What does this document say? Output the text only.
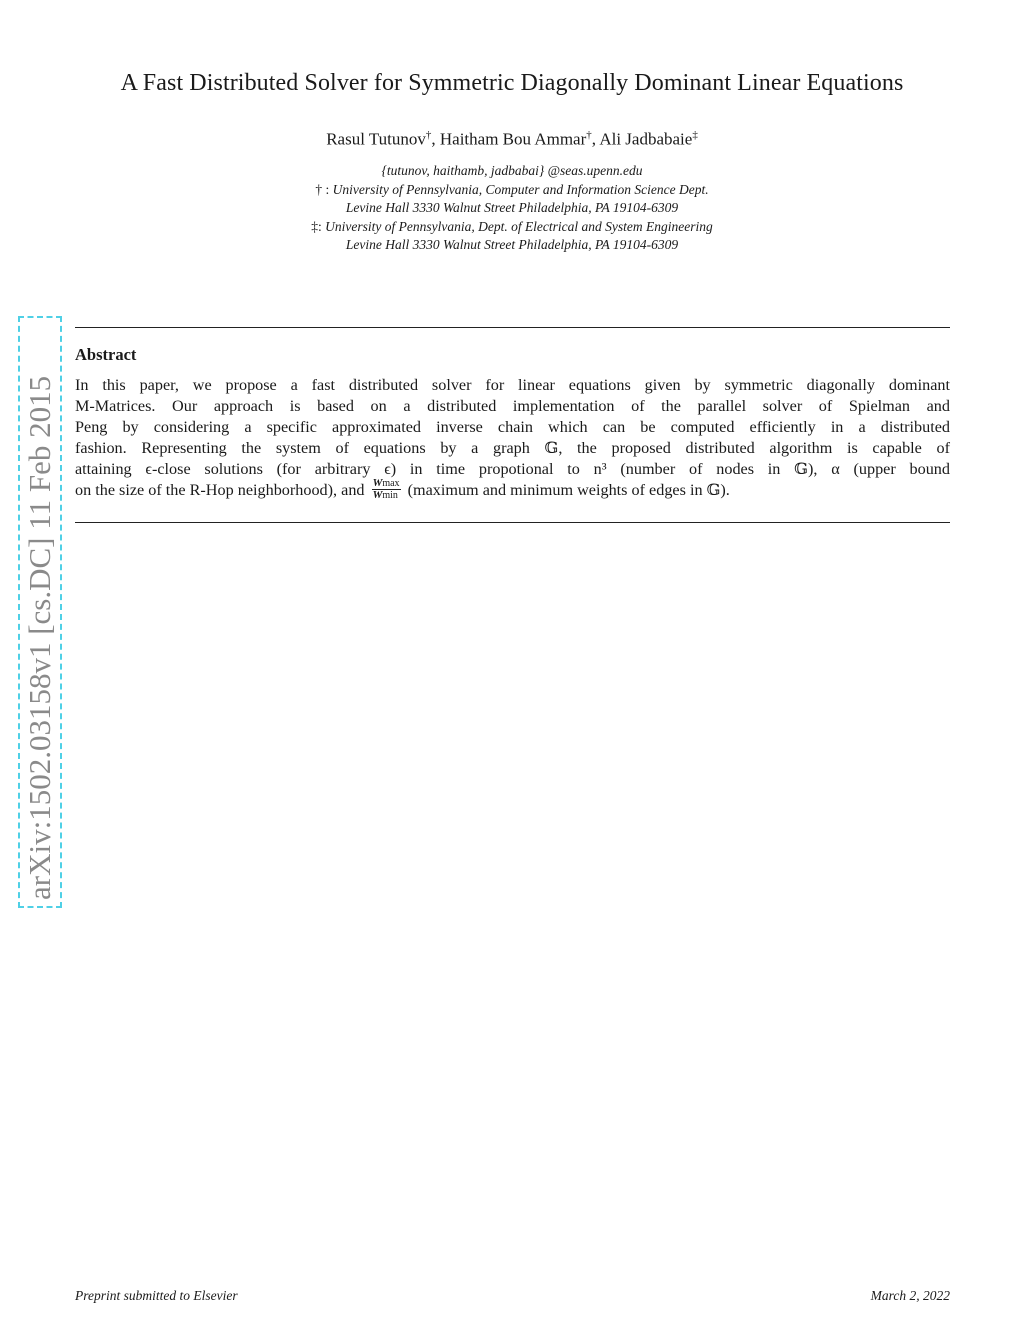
A Fast Distributed Solver for Symmetric Diagonally Dominant Linear Equations
Rasul Tutunov†, Haitham Bou Ammar†, Ali Jadbabaie‡
{tutunov, haithamb, jadbabai} @seas.upenn.edu
† : University of Pennsylvania, Computer and Information Science Dept.
Levine Hall 3330 Walnut Street Philadelphia, PA 19104-6309
‡: University of Pennsylvania, Dept. of Electrical and System Engineering
Levine Hall 3330 Walnut Street Philadelphia, PA 19104-6309
arXiv:1502.03158v1 [cs.DC] 11 Feb 2015
Abstract
In this paper, we propose a fast distributed solver for linear equations given by symmetric diagonally dominant
M-Matrices. Our approach is based on a distributed implementation of the parallel solver of Spielman and
Peng by considering a specific approximated inverse chain which can be computed efficiently in a distributed
fashion. Representing the system of equations by a graph 𝔾, the proposed distributed algorithm is capable of
attaining ϵ-close solutions (for arbitrary ϵ) in time propotional to n³ (number of nodes in 𝔾), α (upper bound
on the size of the R-Hop neighborhood), and $\frac{Wmax}{Wmin}$ (maximum and minimum weights of edges in 𝔾).
Preprint submitted to Elsevier	March 2, 2022
